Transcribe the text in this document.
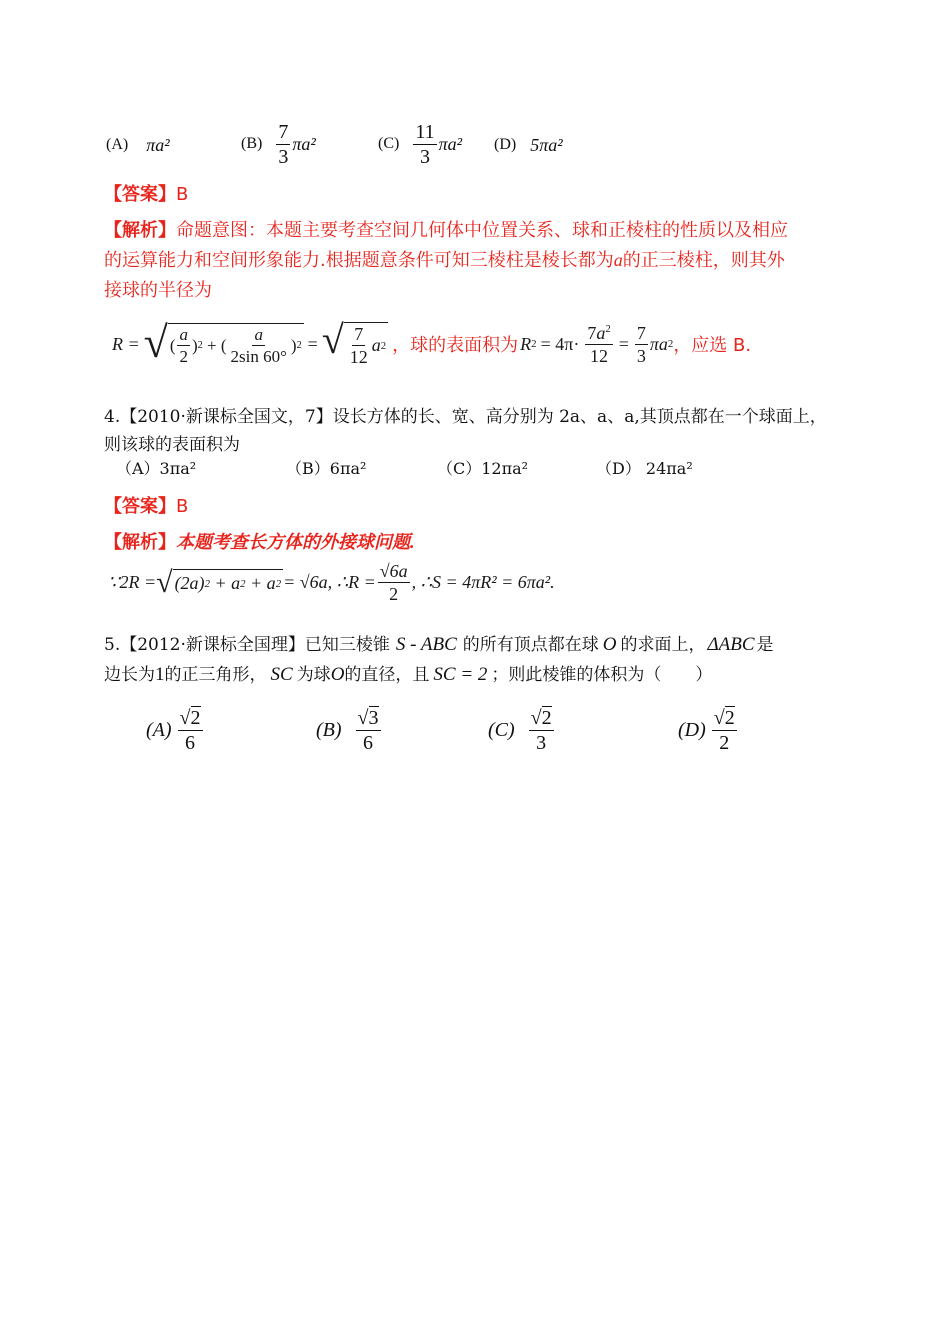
(A) πa²	$(B) \frac{7}{3} \pi a^2$	$(C) \frac{11}{3} \pi a^2$ (D) 5πa²
【答案】B
【解析】命题意图：本题主要考查空间几何体中位置关系、球和正棱柱的性质以及相应
的运算能力和空间形象能力.根据题意条件可知三棱柱是棱长都为a的正三棱柱，则其外
接球的半径为
R = √ ( $\frac{a}{2}$ ) 2 + ( $\frac{a}{2\sin 60^\circ}$ ) 2 = √ $\frac{7}{12}$ a 2 ，球的表面积为 R $2 = 4\pi\cdot \frac{7a^2}{12} = \frac{7}{3}$ πa 2 ，应选 B.
4.【2010·新课标全国文，7】设长方体的长、宽、高分别为 2a、a、a,其顶点都在一个球面上，
则该球的表面积为
（A）3πa²	（B）6πa²	（C）12πa²	（D） 24πa²
【答案】B
【解析】本题考查长方体的外接球问题.
∵2R = √ (2a) 2 + a 2 + a 2 = √6a, ∴R = $\frac{√6a}{2}$ , ∴S = 4πR² = 6πa².
5.【2012·新课标全国理】已知三棱锥 S - ABC 的所有顶点都在球 O 的求面上， ΔABC 是
边长为1的正三角形， SC 为球O的直径，且 SC = 2 ；则此棱锥的体积为（　　）
$(A) \frac{√2}{6}$	$(B) \frac{√3}{6}$	$(C) \frac{√2}{3}$	$(D) \frac{√2}{2}$
